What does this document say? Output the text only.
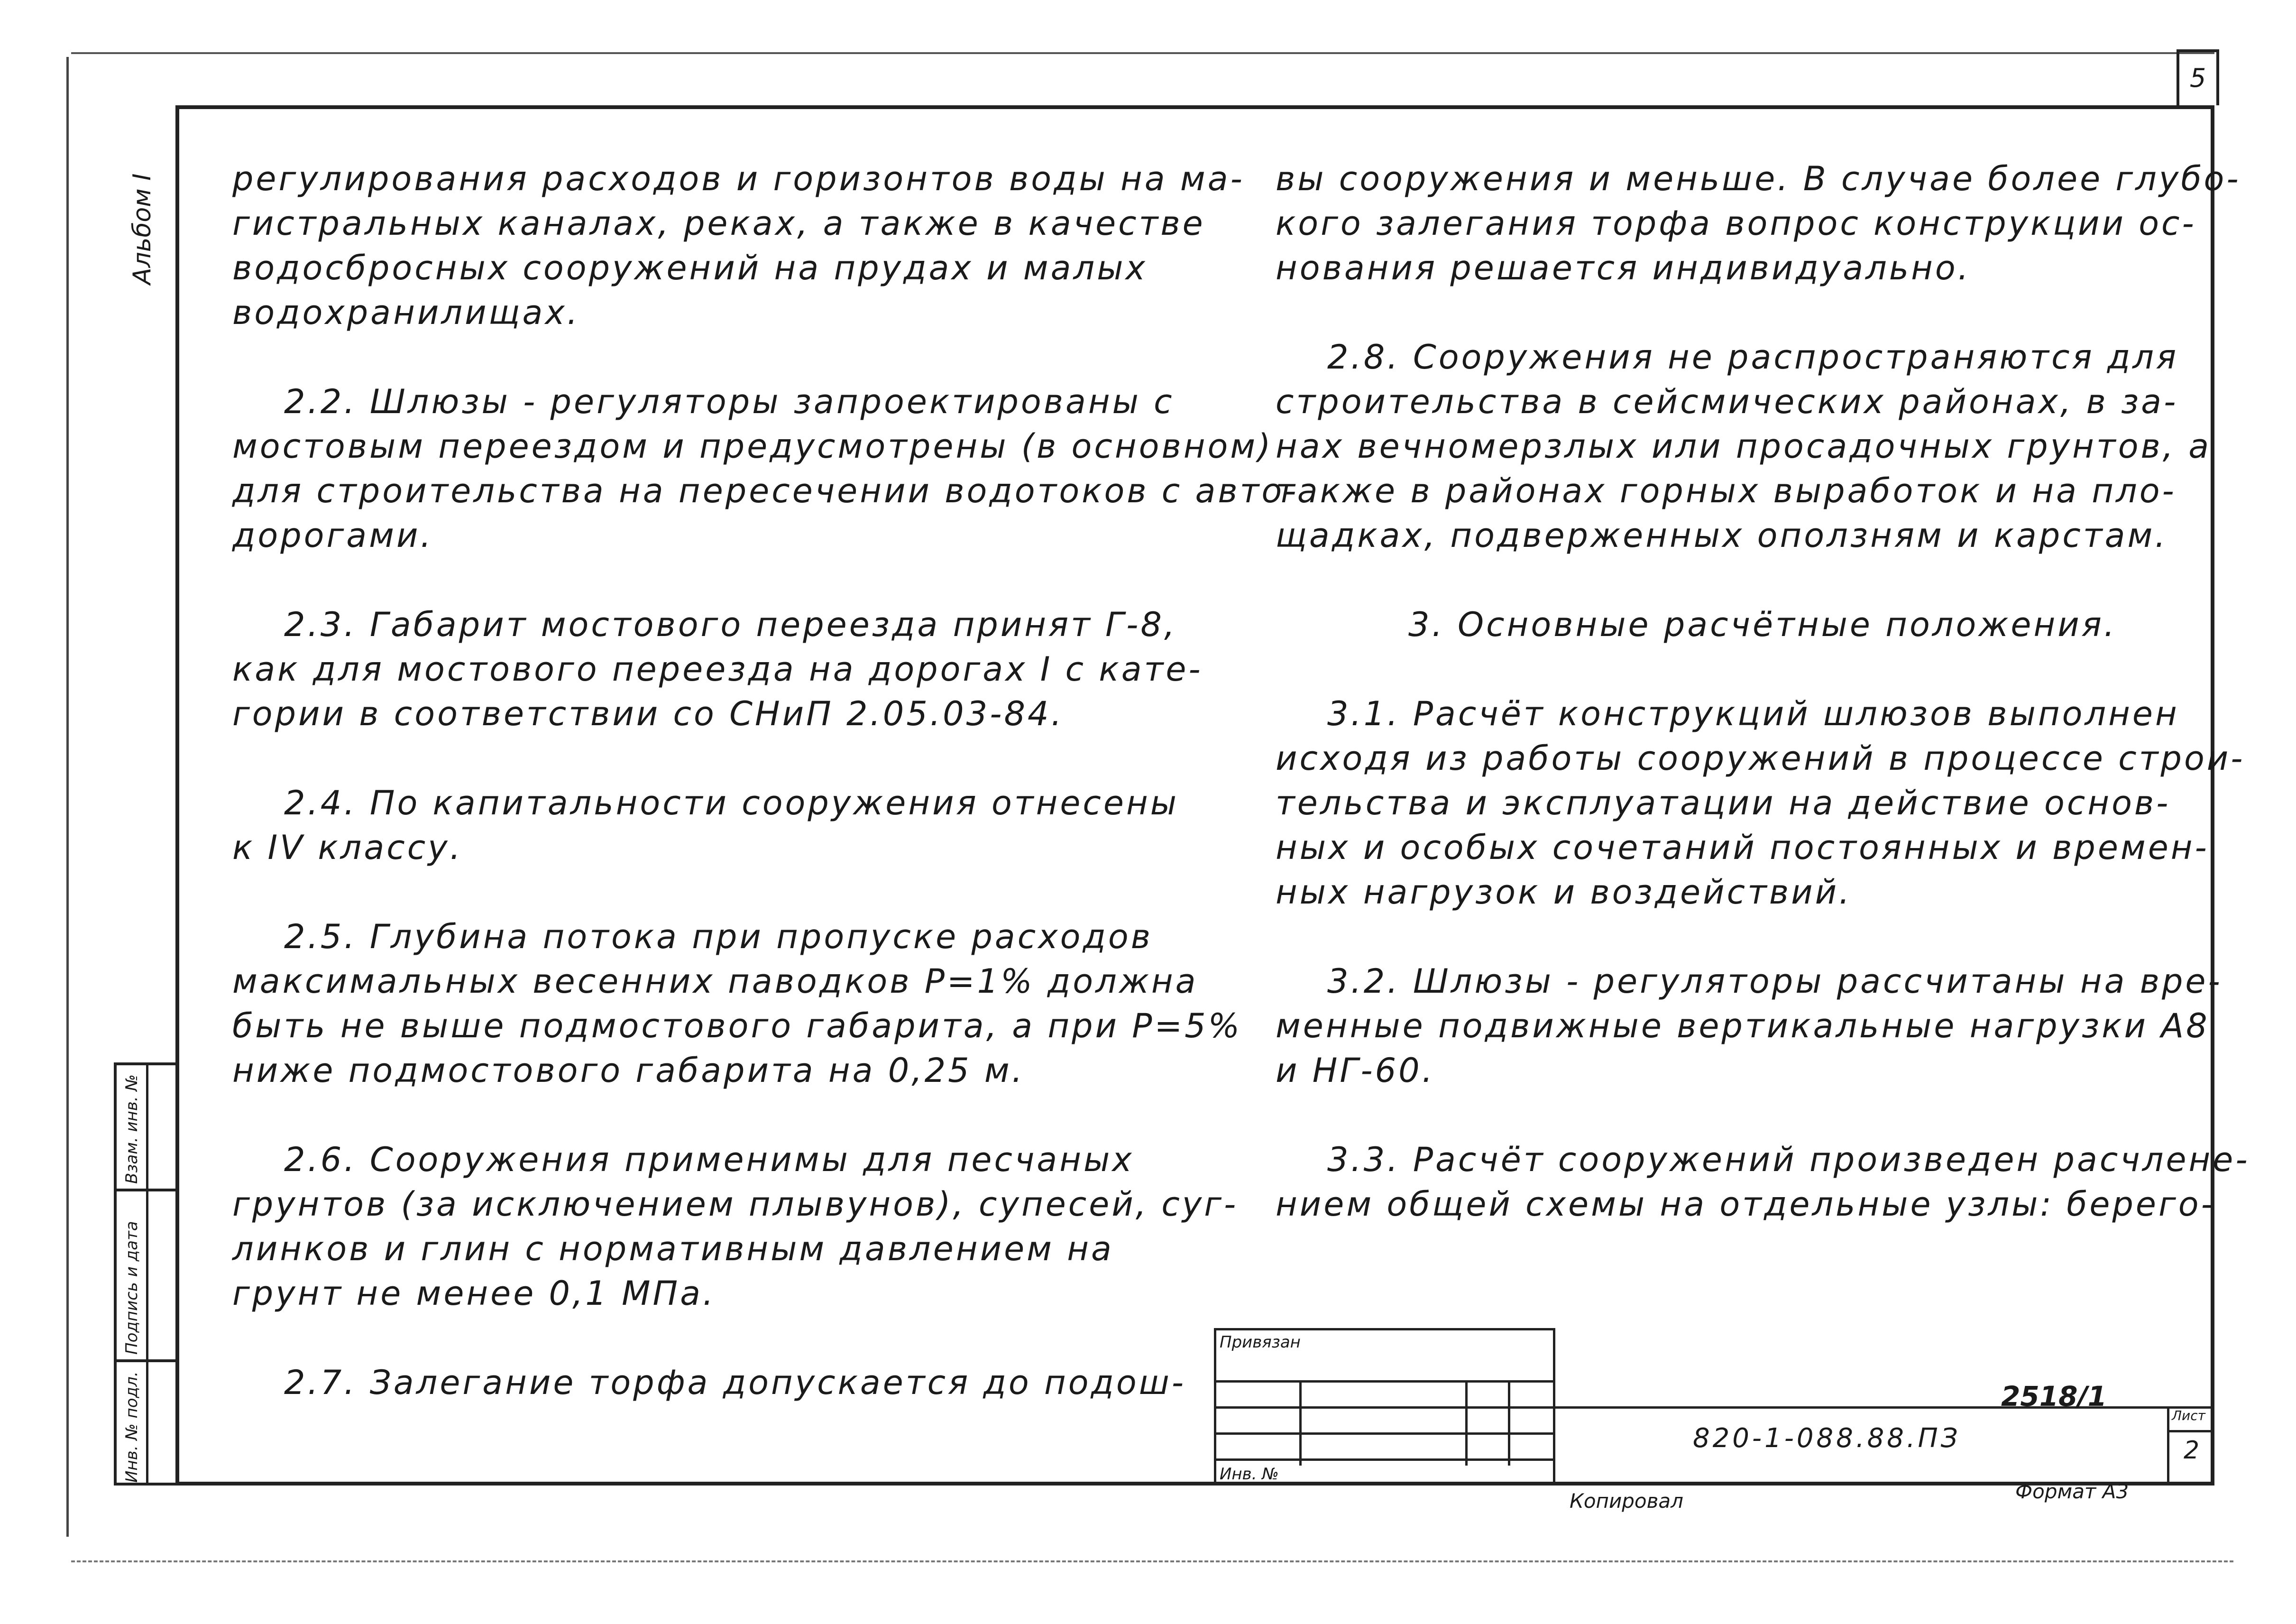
5
Альбом I
Инв. № подл.
Подпись и дата
Взам. инв. №
регулирования расходов и горизонтов воды на ма-
гистральных каналах, реках, а также в качестве
водосбросных сооружений на прудах и малых
водохранилищах.
2.2. Шлюзы - регуляторы запроектированы с
мостовым переездом и предусмотрены (в основном)
для строительства на пересечении водотоков с авто-
дорогами.
2.3. Габарит мостового переезда принят Г-8,
как для мостового переезда на дорогах I с кате-
гории в соответствии со СНиП 2.05.03-84.
2.4. По капитальности сооружения отнесены
к IV классу.
2.5. Глубина потока при пропуске расходов
максимальных весенних паводков Р=1% должна
быть не выше подмостового габарита, а при Р=5%
ниже подмостового габарита на 0,25 м.
2.6. Сооружения применимы для песчаных
грунтов (за исключением плывунов), супесей, суг-
линков и глин с нормативным давлением на
грунт не менее 0,1 МПа.
2.7. Залегание торфа допускается до подош-
вы сооружения и меньше. В случае более глубо-
кого залегания торфа вопрос конструкции ос-
нования решается индивидуально.
2.8. Сооружения не распространяются для
строительства в сейсмических районах, в за-
нах вечномерзлых или просадочных грунтов, а
также в районах горных выработок и на пло-
щадках, подверженных оползням и карстам.
3. Основные расчётные положения.
3.1. Расчёт конструкций шлюзов выполнен
исходя из работы сооружений в процессе строи-
тельства и эксплуатации на действие основ-
ных и особых сочетаний постоянных и времен-
ных нагрузок и воздействий.
3.2. Шлюзы - регуляторы рассчитаны на вре-
менные подвижные вертикальные нагрузки А8
и НГ-60.
3.3. Расчёт сооружений произведен расчлене-
нием общей схемы на отдельные узлы: берего-
Привязан
Инв. №
2518/1
820-1-088.88.ПЗ
Лист
2
Копировал	Формат А3
